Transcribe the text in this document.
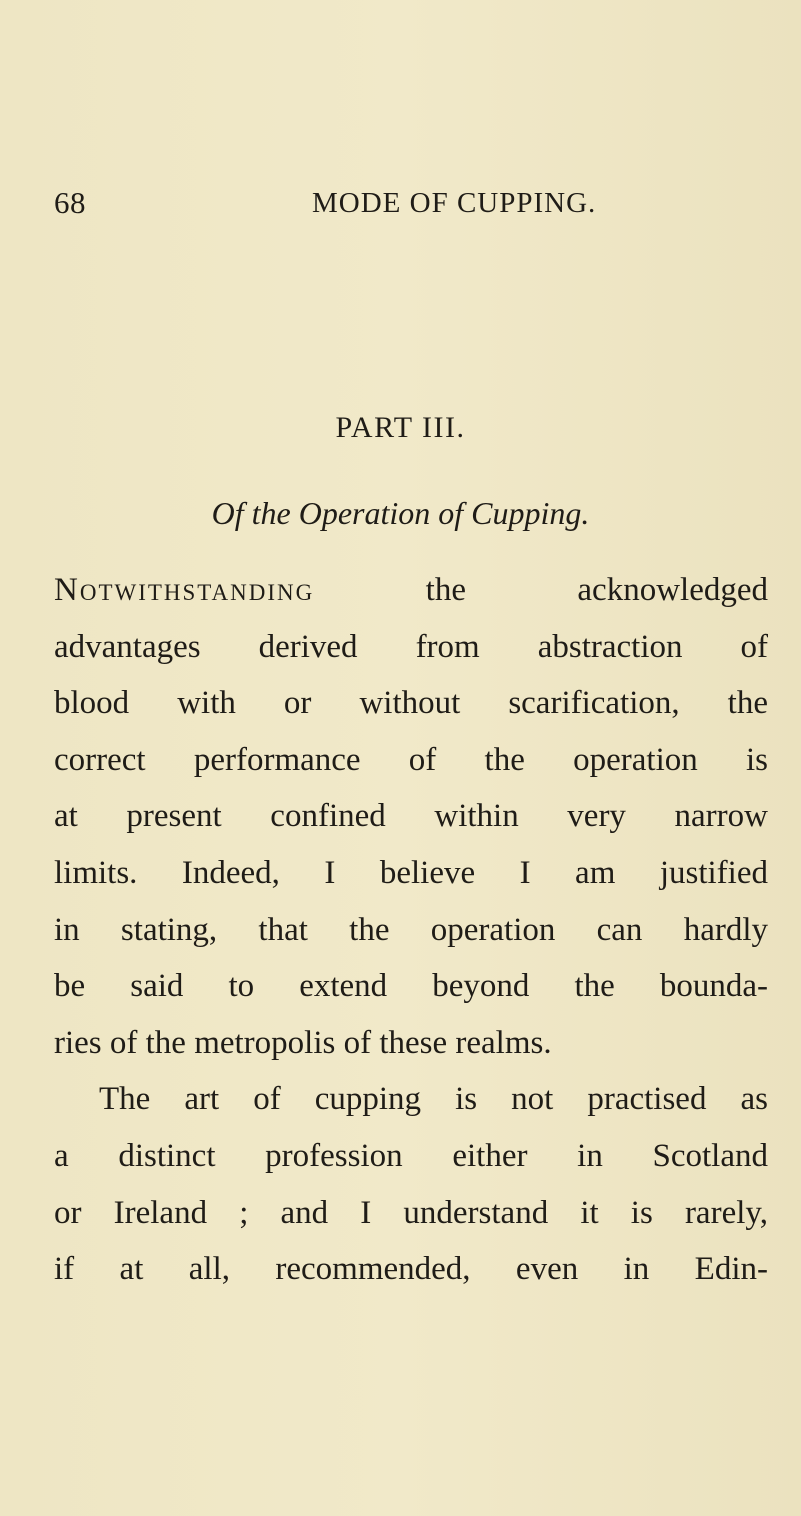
68	MODE OF CUPPING.
PART III.
Of the Operation of Cupping.
Notwithstanding the acknowledged
advantages derived from abstraction of
blood with or without scarification, the
correct performance of the operation is
at present confined within very narrow
limits. Indeed, I believe I am justified
in stating, that the operation can hardly
be said to extend beyond the bounda-
ries of the metropolis of these realms.
The art of cupping is not practised as
a distinct profession either in Scotland
or Ireland ; and I understand it is rarely,
if at all, recommended, even in Edin-
